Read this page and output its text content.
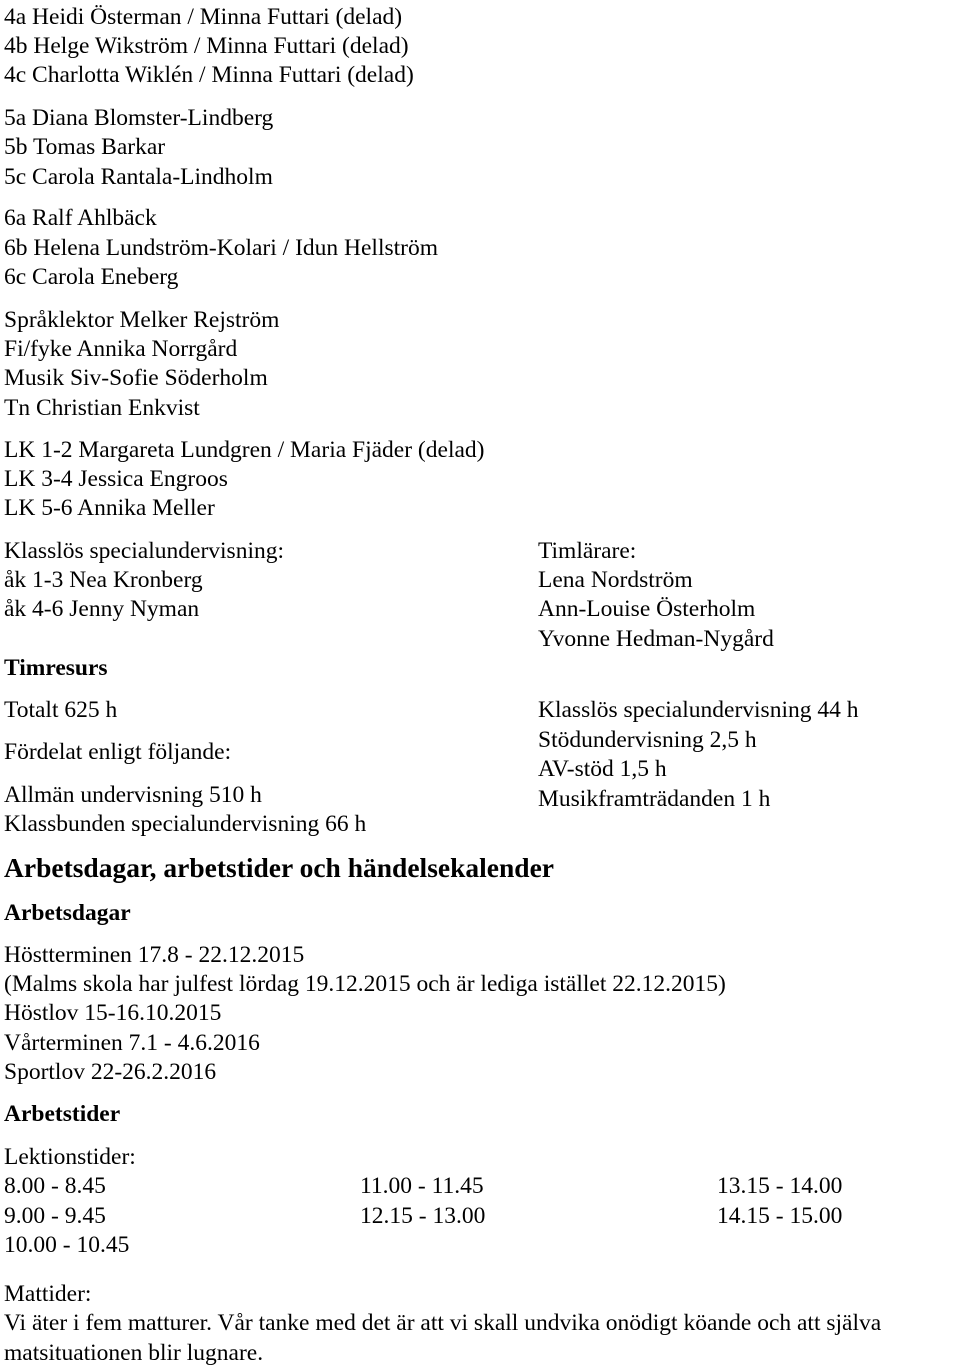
4a Heidi Österman / Minna Futtari (delad)
4b Helge Wikström / Minna Futtari (delad)
4c Charlotta Wiklén / Minna Futtari (delad)
5a Diana Blomster-Lindberg
5b Tomas Barkar
5c Carola Rantala-Lindholm
6a Ralf Ahlbäck
6b Helena Lundström-Kolari / Idun Hellström
6c Carola Eneberg
Språklektor Melker Rejström
Fi/fyke Annika Norrgård
Musik Siv-Sofie Söderholm
Tn Christian Enkvist
LK 1-2 Margareta Lundgren / Maria Fjäder (delad)
LK 3-4 Jessica Engroos
LK 5-6 Annika Meller
Klasslös specialundervisning:
åk 1-3 Nea Kronberg
åk 4-6 Jenny Nyman
Timlärare:
Lena Nordström
Ann-Louise Österholm
Yvonne Hedman-Nygård
Timresurs
Totalt 625 h
Fördelat enligt följande:
Allmän undervisning 510 h
Klassbunden specialundervisning 66 h
Klasslös specialundervisning 44 h
Stödundervisning 2,5 h
AV-stöd 1,5 h
Musikframträdanden 1 h
Arbetsdagar, arbetstider och händelsekalender
Arbetsdagar
Höstterminen 17.8 - 22.12.2015
(Malms skola har julfest lördag 19.12.2015 och är lediga istället 22.12.2015)
Höstlov 15-16.10.2015
Vårterminen 7.1 - 4.6.2016
Sportlov 22-26.2.2016
Arbetstider
Lektionstider:
8.00 - 8.45	11.00 - 11.45	13.15 - 14.00
9.00 - 9.45	12.15 - 13.00	14.15 - 15.00
10.00 - 10.45
Mattider:
Vi äter i fem matturer. Vår tanke med det är att vi skall undvika onödigt köande och att själva matsituationen blir lugnare.
